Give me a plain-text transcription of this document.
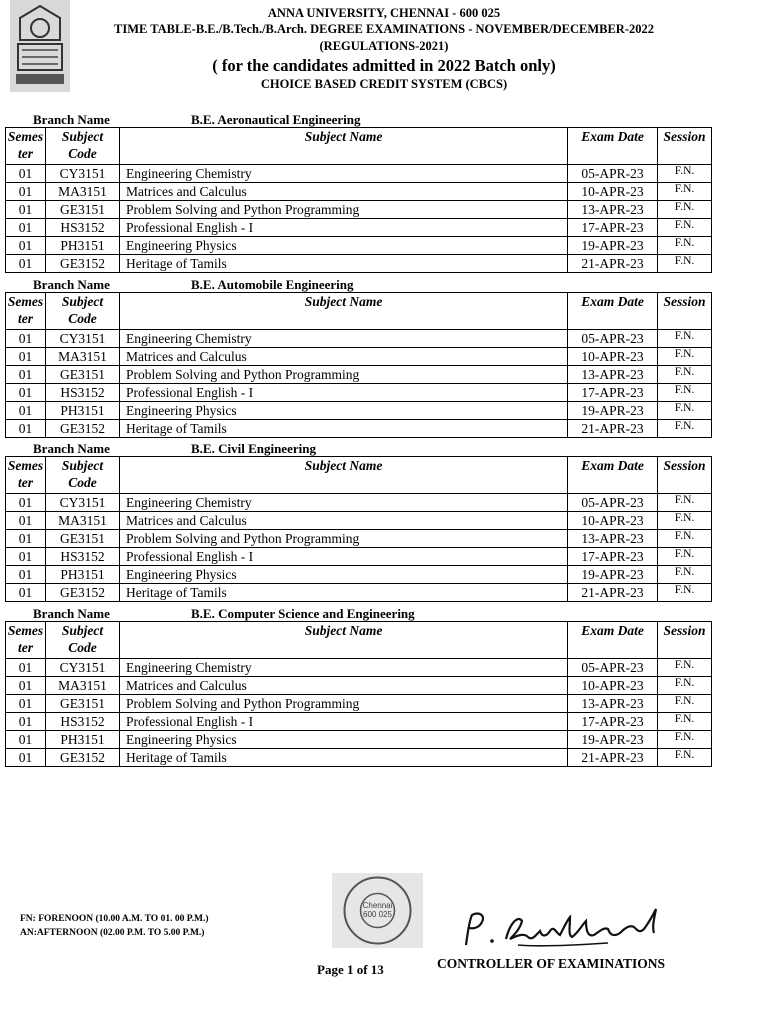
ANNA UNIVERSITY, CHENNAI - 600 025
TIME TABLE-B.E./B.Tech./B.Arch. DEGREE EXAMINATIONS - NOVEMBER/DECEMBER-2022
(REGULATIONS-2021)
( for the candidates admitted in 2022 Batch only)
CHOICE BASED CREDIT SYSTEM (CBCS)
Branch Name	B.E. Aeronautical Engineering
Semes ter	Subject Code	Subject Name	Exam Date	Session
01	CY3151	Engineering Chemistry	05-APR-23	F.N.
01	MA3151	Matrices and Calculus	10-APR-23	F.N.
01	GE3151	Problem Solving and Python Programming	13-APR-23	F.N.
01	HS3152	Professional English - I	17-APR-23	F.N.
01	PH3151	Engineering Physics	19-APR-23	F.N.
01	GE3152	Heritage of Tamils	21-APR-23	F.N.
Branch Name	B.E. Automobile Engineering
Semes ter	Subject Code	Subject Name	Exam Date	Session
01	CY3151	Engineering Chemistry	05-APR-23	F.N.
01	MA3151	Matrices and Calculus	10-APR-23	F.N.
01	GE3151	Problem Solving and Python Programming	13-APR-23	F.N.
01	HS3152	Professional English - I	17-APR-23	F.N.
01	PH3151	Engineering Physics	19-APR-23	F.N.
01	GE3152	Heritage of Tamils	21-APR-23	F.N.
Branch Name	B.E. Civil Engineering
Semes ter	Subject Code	Subject Name	Exam Date	Session
01	CY3151	Engineering Chemistry	05-APR-23	F.N.
01	MA3151	Matrices and Calculus	10-APR-23	F.N.
01	GE3151	Problem Solving and Python Programming	13-APR-23	F.N.
01	HS3152	Professional English - I	17-APR-23	F.N.
01	PH3151	Engineering Physics	19-APR-23	F.N.
01	GE3152	Heritage of Tamils	21-APR-23	F.N.
Branch Name	B.E. Computer Science and Engineering
Semes ter	Subject Code	Subject Name	Exam Date	Session
01	CY3151	Engineering Chemistry	05-APR-23	F.N.
01	MA3151	Matrices and Calculus	10-APR-23	F.N.
01	GE3151	Problem Solving and Python Programming	13-APR-23	F.N.
01	HS3152	Professional English - I	17-APR-23	F.N.
01	PH3151	Engineering Physics	19-APR-23	F.N.
01	GE3152	Heritage of Tamils	21-APR-23	F.N.
FN: FORENOON (10.00 A.M. TO 01. 00 P.M.)
AN:AFTERNOON (02.00 P.M. TO 5.00 P.M.)
Chennai
600 025
Page 1 of 13	CONTROLLER OF EXAMINATIONS
